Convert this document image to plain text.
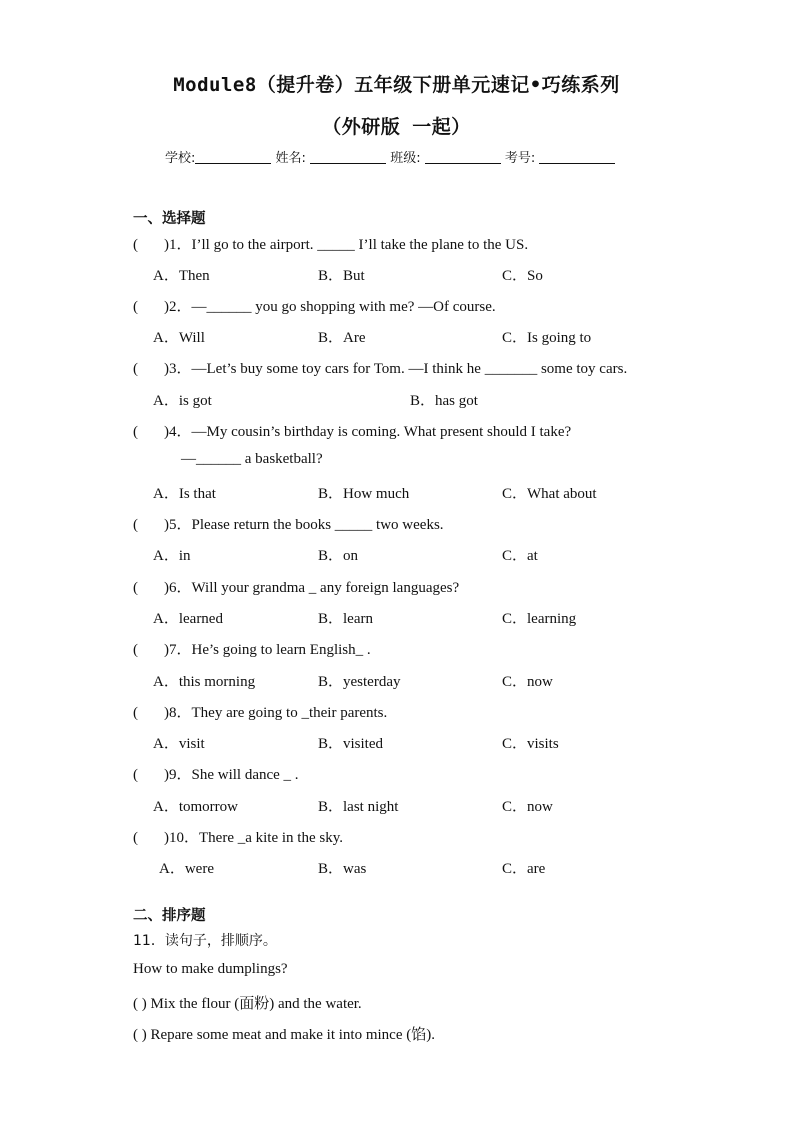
Module8（提升卷）五年级下册单元速记•巧练系列
（外研版 一起）
学校:	姓名:	班级:	考号:
一、选择题
( )1．I’ll go to the airport. _____ I’ll take the plane to the US.
A．Then	B．But	C．So
( )2．—______ you go shopping with me? —Of course.
A．Will	B．Are	C．Is going to
( )3．—Let’s buy some toy cars for Tom. —I think he _______ some toy cars.
A．is got	B．has got
( )4．—My cousin’s birthday is coming. What present should I take?
—______ a basketball?
A．Is that	B．How much	C．What about
( )5．Please return the books _____ two weeks.
A．in	B．on	C．at
( )6．Will your grandma _ any foreign languages?
A．learned	B．learn	C．learning
( )7．He’s going to learn English_ .
A．this morning	B．yesterday	C．now
( )8．They are going to _their parents.
A．visit	B．visited	C．visits
( )9．She will dance _ .
A．tomorrow	B．last night	C．now
( )10．There _a kite in the sky.
A．were	B．was	C．are
二、排序题
11．读句子，排顺序。
How to make dumplings?
( ) Mix the flour (面粉) and the water.
( ) Repare some meat and make it into mince (馅).
